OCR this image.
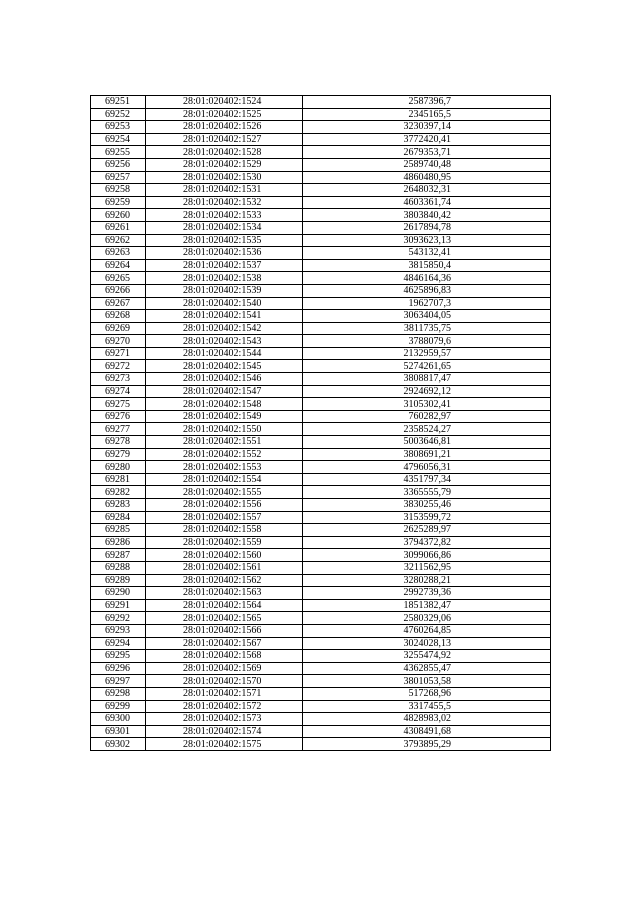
69251	28:01:020402:1524	2587396,7
69252	28:01:020402:1525	2345165,5
69253	28:01:020402:1526	3230397,14
69254	28:01:020402:1527	3772420,41
69255	28:01:020402:1528	2679353,71
69256	28:01:020402:1529	2589740,48
69257	28:01:020402:1530	4860480,95
69258	28:01:020402:1531	2648032,31
69259	28:01:020402:1532	4603361,74
69260	28:01:020402:1533	3803840,42
69261	28:01:020402:1534	2617894,78
69262	28:01:020402:1535	3093623,13
69263	28:01:020402:1536	543132,41
69264	28:01:020402:1537	3815850,4
69265	28:01:020402:1538	4846164,36
69266	28:01:020402:1539	4625896,83
69267	28:01:020402:1540	1962707,3
69268	28:01:020402:1541	3063404,05
69269	28:01:020402:1542	3811735,75
69270	28:01:020402:1543	3788079,6
69271	28:01:020402:1544	2132959,57
69272	28:01:020402:1545	5274261,65
69273	28:01:020402:1546	3808817,47
69274	28:01:020402:1547	2924692,12
69275	28:01:020402:1548	3105302,41
69276	28:01:020402:1549	760282,97
69277	28:01:020402:1550	2358524,27
69278	28:01:020402:1551	5003646,81
69279	28:01:020402:1552	3808691,21
69280	28:01:020402:1553	4796056,31
69281	28:01:020402:1554	4351797,34
69282	28:01:020402:1555	3365555,79
69283	28:01:020402:1556	3830255,46
69284	28:01:020402:1557	3153599,72
69285	28:01:020402:1558	2625289,97
69286	28:01:020402:1559	3794372,82
69287	28:01:020402:1560	3099066,86
69288	28:01:020402:1561	3211562,95
69289	28:01:020402:1562	3280288,21
69290	28:01:020402:1563	2992739,36
69291	28:01:020402:1564	1851382,47
69292	28:01:020402:1565	2580329,06
69293	28:01:020402:1566	4760264,85
69294	28:01:020402:1567	3024028,13
69295	28:01:020402:1568	3255474,92
69296	28:01:020402:1569	4362855,47
69297	28:01:020402:1570	3801053,58
69298	28:01:020402:1571	517268,96
69299	28:01:020402:1572	3317455,5
69300	28:01:020402:1573	4828983,02
69301	28:01:020402:1574	4308491,68
69302	28:01:020402:1575	3793895,29
